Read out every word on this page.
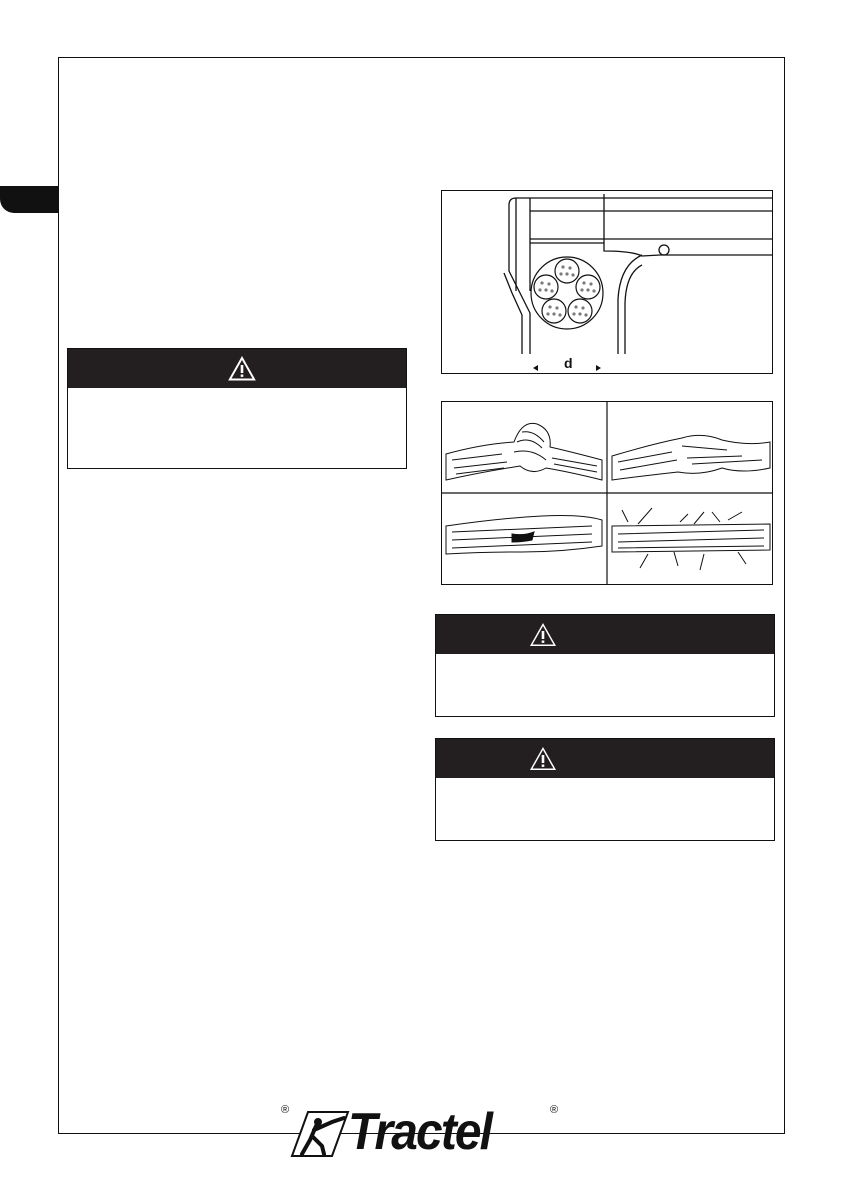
d
® Tractel	®
